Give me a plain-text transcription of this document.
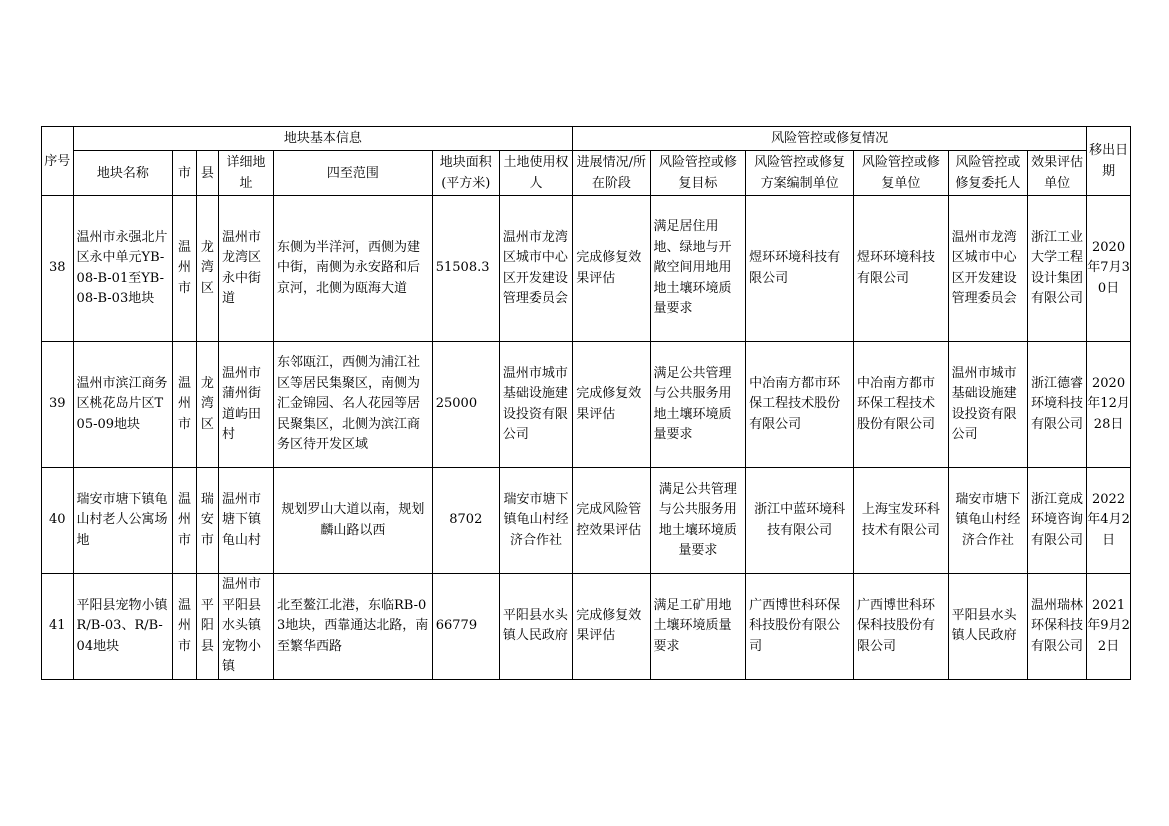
序号	地块基本信息							风险管控或修复情况						移出日期
	地块名称	市	县	详细地址	四至范围	地块面积(平方米)	土地使用权人	进展情况/所在阶段	风险管控或修复目标	风险管控或修复方案编制单位	风险管控或修复单位	风险管控或修复委托人	效果评估单位	
38	温州市永强北片区永中单元YB-08-B-01至YB-08-B-03地块	温州市	龙湾区	温州市龙湾区永中街道	东侧为半洋河，西侧为建中街，南侧为永安路和后京河，北侧为瓯海大道	51508.3	温州市龙湾区城市中心区开发建设管理委员会	完成修复效果评估	满足居住用地、绿地与开敞空间用地用地土壤环境质量要求	煜环环境科技有限公司	煜环环境科技有限公司	温州市龙湾区城市中心区开发建设管理委员会	浙江工业大学工程设计集团有限公司	2020年7月30日
39	温州市滨江商务区桃花岛片区T05-09地块	温州市	龙湾区	温州市蒲州街道屿田村	东邻瓯江，西侧为浦江社区等居民集聚区，南侧为汇金锦园、名人花园等居民聚集区，北侧为滨江商务区待开发区域	25000	温州市城市基础设施建设投资有限公司	完成修复效果评估	满足公共管理与公共服务用地土壤环境质量要求	中冶南方都市环保工程技术股份有限公司	中冶南方都市环保工程技术股份有限公司	温州市城市基础设施建设投资有限公司	浙江德睿环境科技有限公司	2020年12月28日
40	瑞安市塘下镇龟山村老人公寓场地	温州市	瑞安市	温州市塘下镇龟山村	规划罗山大道以南，规划麟山路以西	8702	瑞安市塘下镇龟山村经济合作社	完成风险管控效果评估	满足公共管理与公共服务用地土壤环境质量要求	浙江中蓝环境科技有限公司	上海宝发环科技术有限公司	瑞安市塘下镇龟山村经济合作社	浙江竟成环境咨询有限公司	2022年4月2日
41	平阳县宠物小镇R/B-03、R/B-04地块	温州市	平阳县	温州市平阳县水头镇宠物小镇	北至鳌江北港，东临RB-03地块，西靠通达北路，南至繁华西路	66779	平阳县水头镇人民政府	完成修复效果评估	满足工矿用地土壤环境质量要求	广西博世科环保科技股份有限公司	广西博世科环保科技股份有限公司	平阳县水头镇人民政府	温州瑞林环保科技有限公司	2021年9月22日
